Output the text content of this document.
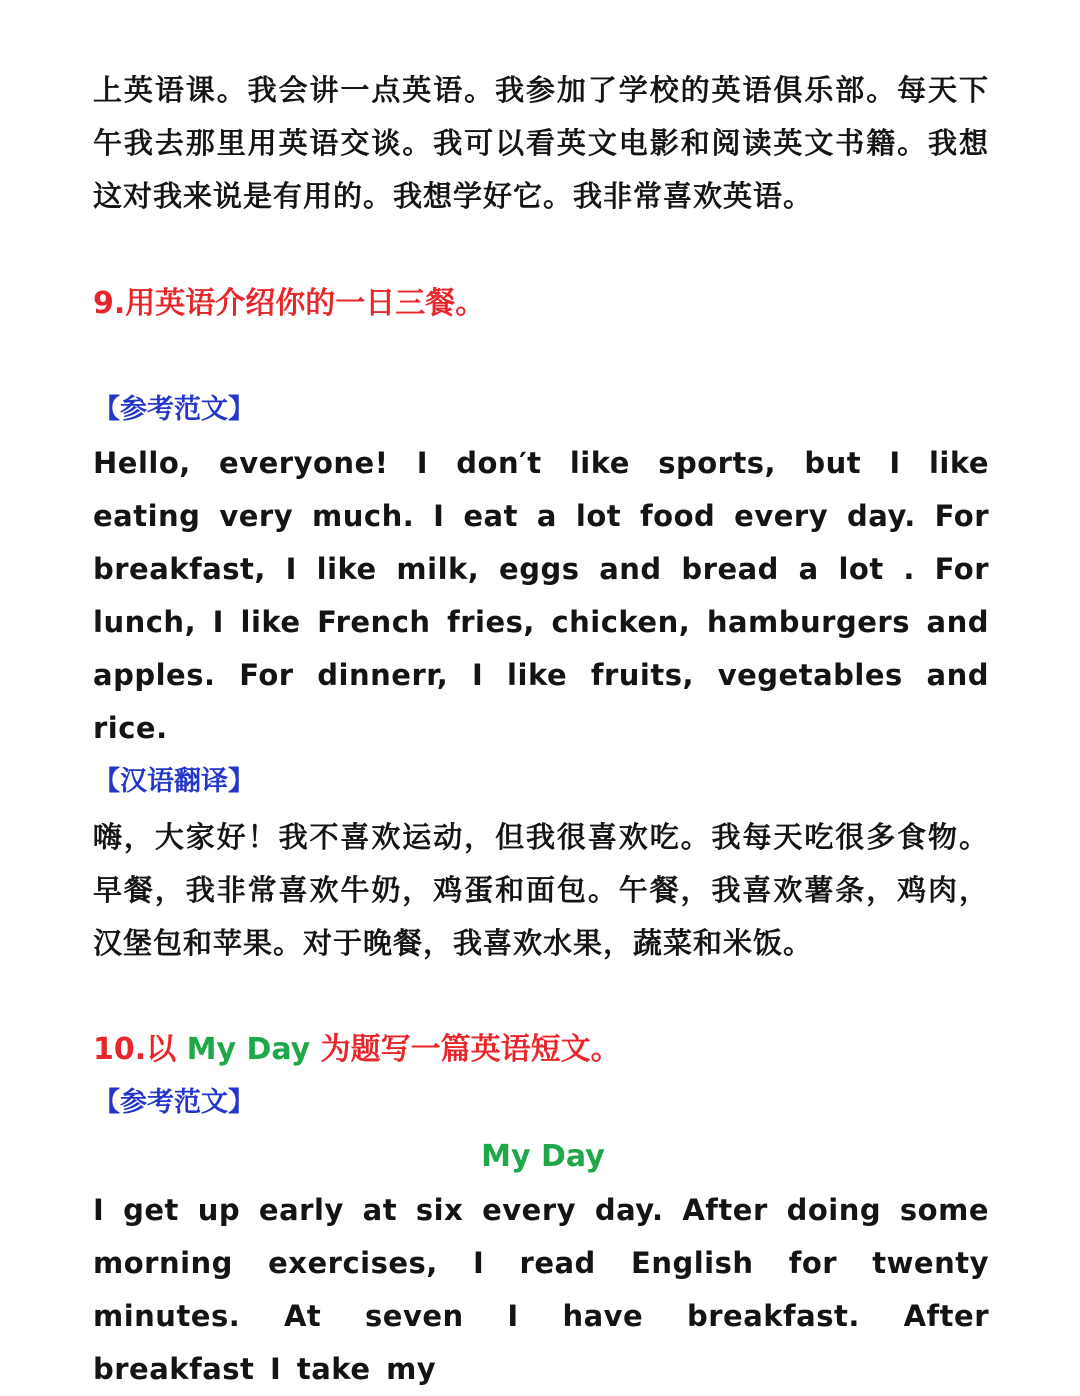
上英语课。我会讲一点英语。我参加了学校的英语俱乐部。每天下午我去那里用英语交谈。我可以看英文电影和阅读英文书籍。我想这对我来说是有用的。我想学好它。我非常喜欢英语。

9.用英语介绍你的一日三餐。

【参考范文】

Hello, everyone! I don′t like sports, but I like eating very much. I eat a lot food every day. For breakfast, I like milk, eggs and bread a lot . For lunch, I like French fries, chicken, hamburgers and apples. For dinnerr, I like fruits, vegetables and rice.

【汉语翻译】

嗨，大家好！我不喜欢运动，但我很喜欢吃。我每天吃很多食物。早餐，我非常喜欢牛奶，鸡蛋和面包。午餐，我喜欢薯条，鸡肉，汉堡包和苹果。对于晚餐，我喜欢水果，蔬菜和米饭。

10.以 My Day 为题写一篇英语短文。

【参考范文】

My Day

I get up early at six every day. After doing some morning exercises, I read English for twenty minutes. At seven I have breakfast. After breakfast I take my
